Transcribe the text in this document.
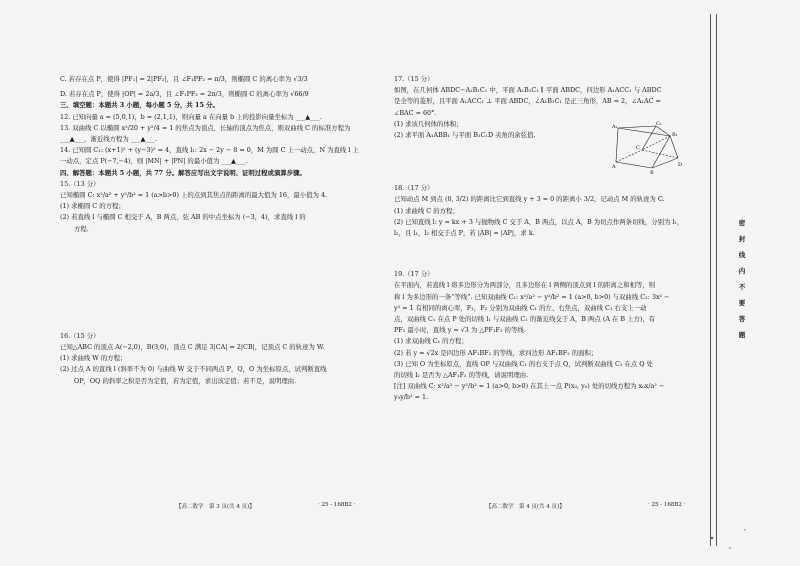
C. 若存在点 P，使得 |PF₁| = 2|PF₂|，且 ∠F₁PF₂ = π/3，则椭圆 C 的离心率为 √3/3
D. 若存在点 P，使得 |OP| = 2a/3，且 ∠F₁PF₂ = 2π/3，则椭圆 C 的离心率为 √66/9
三、填空题：本题共 3 小题，每小题 5 分，共 15 分。
12. 已知向量 a = (5,0,1)，b = (2,1,1)，则向量 a 在向量 b 上的投影向量坐标为 ___▲___.
13. 双曲线 C 以椭圆 x²/20 + y²/4 = 1 的焦点为顶点，长轴的顶点为焦点，则双曲线 C 的标准方程为
___▲___，渐近线方程为 ___▲___.
14. 已知圆 C₁: (x+1)² + (y−3)² = 4，直线 l₁: 2x − 2y − 8 = 0，M 为圆 C 上一动点，N 为直线 l 上
一动点，定点 P(−7,−4)，则 |MN| + |PN| 的最小值为 ___▲___.
四、解答题：本题共 5 小题，共 77 分。解答应写出文字说明、证明过程或演算步骤。
15.（13 分）
已知椭圆 C: x²/a² + y²/b² = 1 (a>b>0) 上的点到其焦点的距离的最大值为 16，最小值为 4.
(1) 求椭圆 C 的方程；
(2) 若直线 l 与椭圆 C 相交于 A，B 两点，弦 AB 的中点坐标为 (−3，4)，求直线 l 的
方程.
16.（15 分）
已知△ABC 的顶点 A(−2,0)，B(3,0)，顶点 C 满足 3|CA| = 2|CB|，记顶点 C 的轨迹为 W.
(1) 求曲线 W 的方程；
(2) 过点 A 的直线 l (斜率不为 0) 与曲线 W 交于不同两点 P，Q，O 为坐标原点，试判断直线
OP，OQ 的斜率之积是否为定值，若为定值，求出该定值；若不是，说明理由.
17.（15 分）
如图，在几何体 ABDC−A₁B₁C₁ 中，平面 A₁B₁C₁ ∥ 平面 ABDC，四边形 A₁ACC₁ 与 ABDC
是全等的菱形，且平面 A₁ACC₁ ⊥ 平面 ABDC，∠A₁B₁C₁ 是正三角形，AB = 2，∠A₁AC =
∠BAC = 60°.
(1) 求该几何体的体积；
(2) 求平面 A₁ABB₁ 与平面 B₁C₁D 夹角的余弦值.
18.（17 分）
已知动点 M 到点 (0, 3/2) 的距离比它到直线 y + 3 = 0 的距离小 3/2，记动点 M 的轨迹为 C.
(1) 求曲线 C 的方程；
(2) 已知直线 l: y = kx + 3 与抛物线 C 交于 A，B 两点，以点 A，B 为切点作两条切线，分别为 l₁，
l₂，且 l₁，l₂ 相交于点 P，若 |AB| = |AP|，求 k.
19.（17 分）
在平面内，若直线 l 将多边形分为两部分，且多边形在 l 两侧的顶点到 l 的距离之和相等，则
称 l 为多边形的一条“等线”. 已知双曲线 C₁: x²/a² − y²/b² = 1 (a>0, b>0) 与双曲线 C₂: 3x² −
y² = 1 有相同的离心率，F₁，F₂ 分别为双曲线 C₁ 的左、右焦点，双曲线 C₁ 右支上一动
点，双曲线 C₁ 在点 P 处的切线 l₁ 与双曲线 C₁ 的渐近线交于 A，B 两点 (A 在 B 上方)，有
PF₁ 最小时，直线 y = √3 为 △PF₁F₂ 的等线.
(1) 求双曲线 C₁ 的方程；
(2) 若 y = √2x 是四边形 AF₁BF₂ 的等线，求四边形 AF₁BF₂ 的面积；
(3) 已知 O 为坐标原点，直线 OP 与双曲线 C₁ 的右支于点 Q，试判断双曲线 C₁ 在点 Q 处
的切线 l₂ 是否为 △AF₁F₂ 的等线，请说明理由.
[注] 双曲线 C: x²/a² − y²/b² = 1 (a>0, b>0) 在其上一点 P(x₀, y₀) 处的切线方程为 x₀x/a² −
y₀y/b² = 1.
A₁	C₁
B₁
A
C
B
D
【高二数学　第 3 页(共 4 页)】	· 25 - 168B2 ·	【高二数学　第 4 页(共 4 页)】	· 25 - 168B2 ·
密
封
线
内
不
要
答
题
